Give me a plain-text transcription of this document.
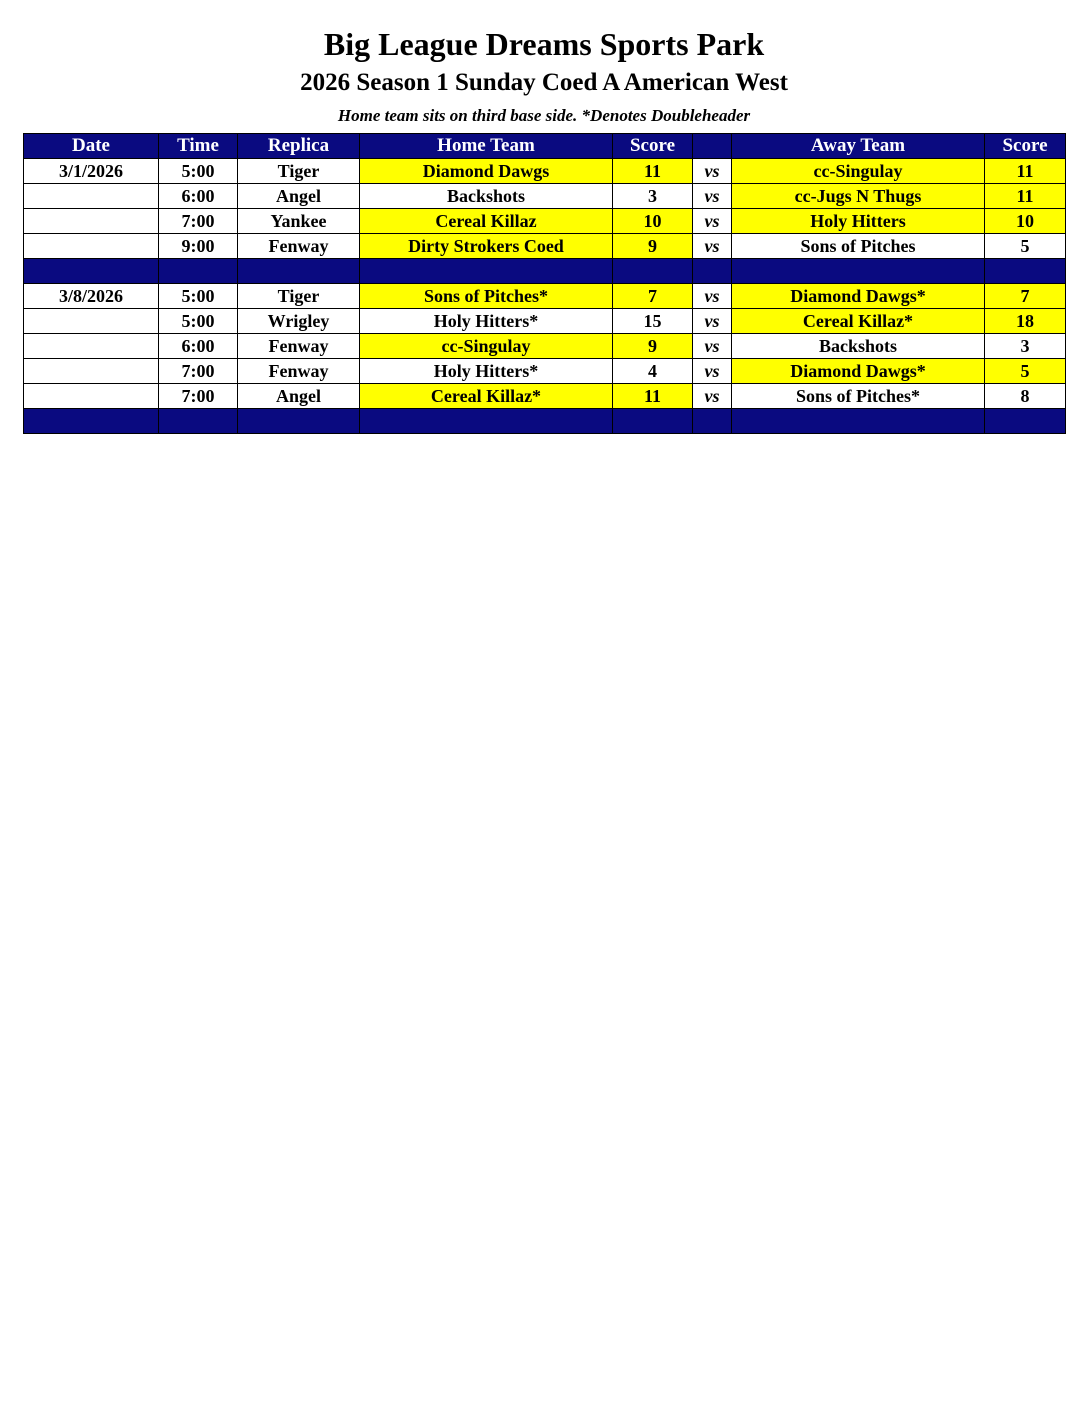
Big League Dreams Sports Park
2026 Season 1 Sunday Coed A American West
Home team sits on third base side. *Denotes Doubleheader
Date	Time	Replica	Home Team	Score		Away Team	Score
3/1/2026	5:00	Tiger	Diamond Dawgs	11	vs	cc-Singulay	11
	6:00	Angel	Backshots	3	vs	cc-Jugs N Thugs	11
	7:00	Yankee	Cereal Killaz	10	vs	Holy Hitters	10
	9:00	Fenway	Dirty Strokers Coed	9	vs	Sons of Pitches	5

3/8/2026	5:00	Tiger	Sons of Pitches*	7	vs	Diamond Dawgs*	7
	5:00	Wrigley	Holy Hitters*	15	vs	Cereal Killaz*	18
	6:00	Fenway	cc-Singulay	9	vs	Backshots	3
	7:00	Fenway	Holy Hitters*	4	vs	Diamond Dawgs*	5
	7:00	Angel	Cereal Killaz*	11	vs	Sons of Pitches*	8
